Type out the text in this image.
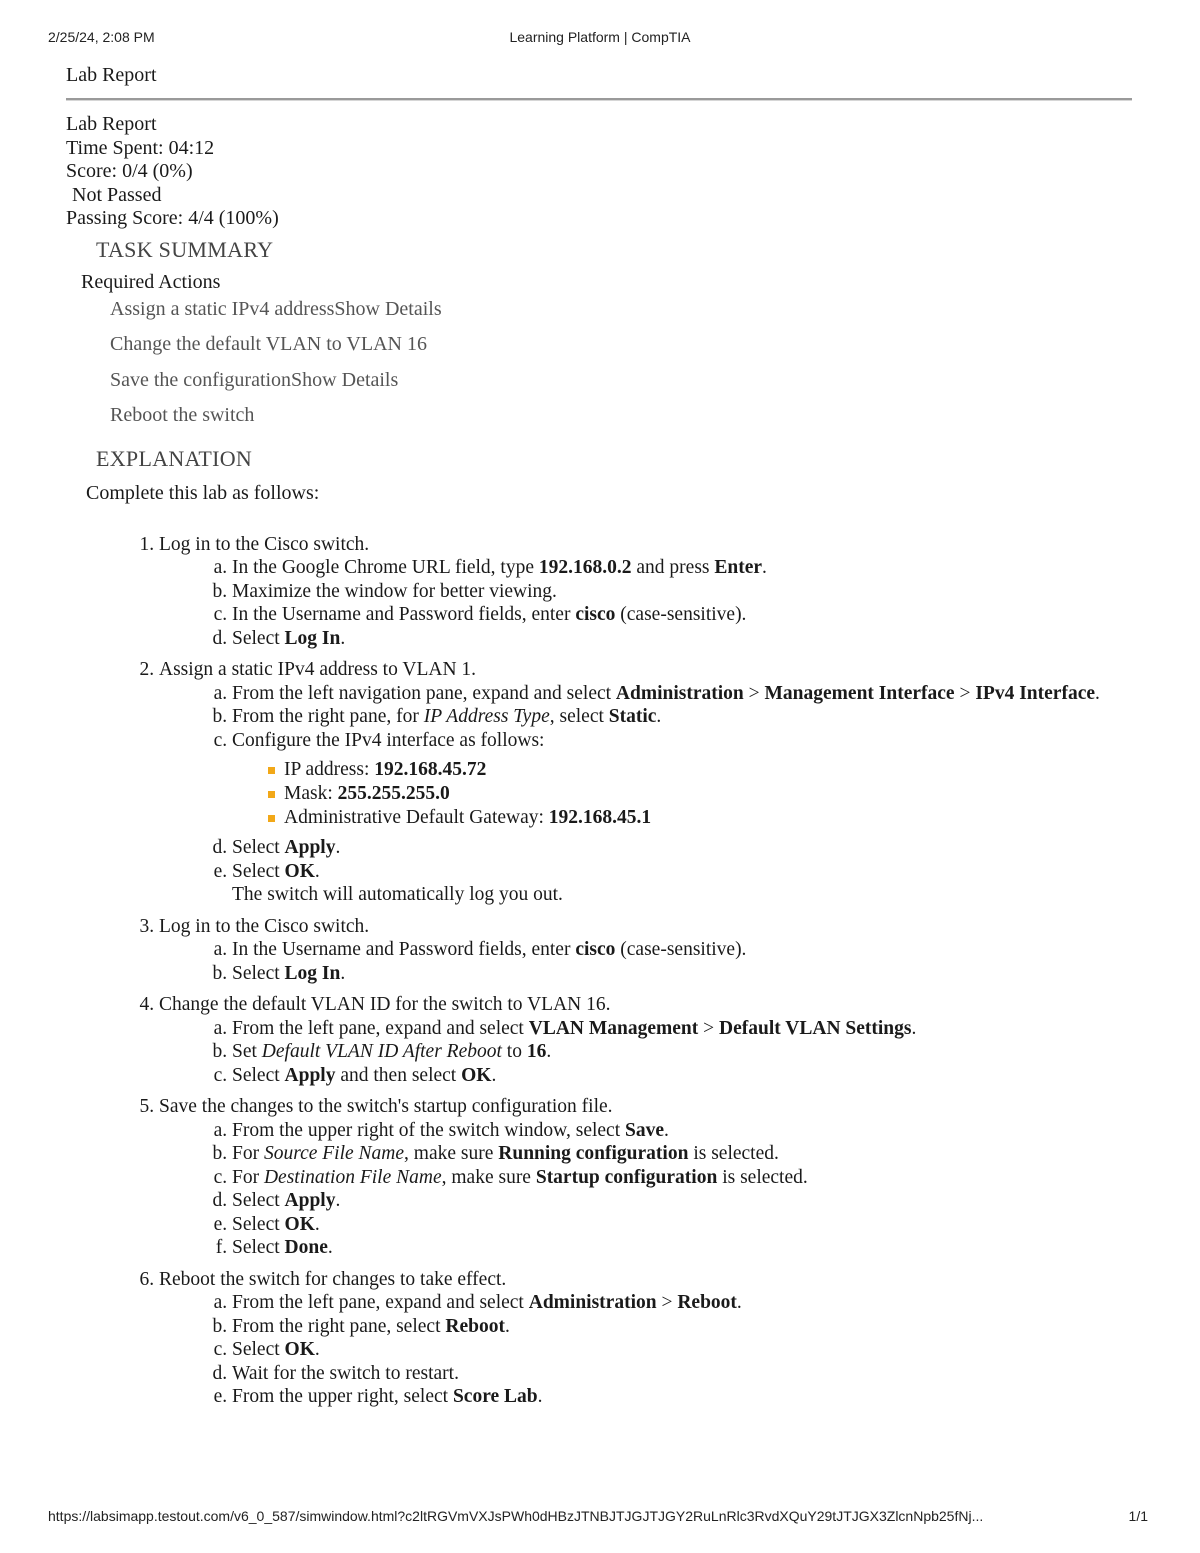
2/25/24, 2:08 PM	Learning Platform | CompTIA
Lab Report
Lab Report
Time Spent: 04:12
Score: 0/4 (0%)
Not Passed
Passing Score: 4/4 (100%)
TASK SUMMARY
Required Actions
Assign a static IPv4 addressShow Details
Change the default VLAN to VLAN 16
Save the configurationShow Details
Reboot the switch
EXPLANATION
Complete this lab as follows:
1. Log in to the Cisco switch.
a. In the Google Chrome URL field, type 192.168.0.2 and press Enter.
b. Maximize the window for better viewing.
c. In the Username and Password fields, enter cisco (case-sensitive).
d. Select Log In.
2. Assign a static IPv4 address to VLAN 1.
a. From the left navigation pane, expand and select Administration > Management Interface > IPv4 Interface.
b. From the right pane, for IP Address Type, select Static.
c. Configure the IPv4 interface as follows:
IP address: 192.168.45.72
Mask: 255.255.255.0
Administrative Default Gateway: 192.168.45.1
d. Select Apply.
e. Select OK.
The switch will automatically log you out.
3. Log in to the Cisco switch.
a. In the Username and Password fields, enter cisco (case-sensitive).
b. Select Log In.
4. Change the default VLAN ID for the switch to VLAN 16.
a. From the left pane, expand and select VLAN Management > Default VLAN Settings.
b. Set Default VLAN ID After Reboot to 16.
c. Select Apply and then select OK.
5. Save the changes to the switch's startup configuration file.
a. From the upper right of the switch window, select Save.
b. For Source File Name, make sure Running configuration is selected.
c. For Destination File Name, make sure Startup configuration is selected.
d. Select Apply.
e. Select OK.
f. Select Done.
6. Reboot the switch for changes to take effect.
a. From the left pane, expand and select Administration > Reboot.
b. From the right pane, select Reboot.
c. Select OK.
d. Wait for the switch to restart.
e. From the upper right, select Score Lab.
https://labsimapp.testout.com/v6_0_587/simwindow.html?c2ltRGVmVXJsPWh0dHBzJTNBJTJGJTJGY2RuLnRlc3RvdXQuY29tJTJGX3ZlcnNpb25fNj...	1/1
